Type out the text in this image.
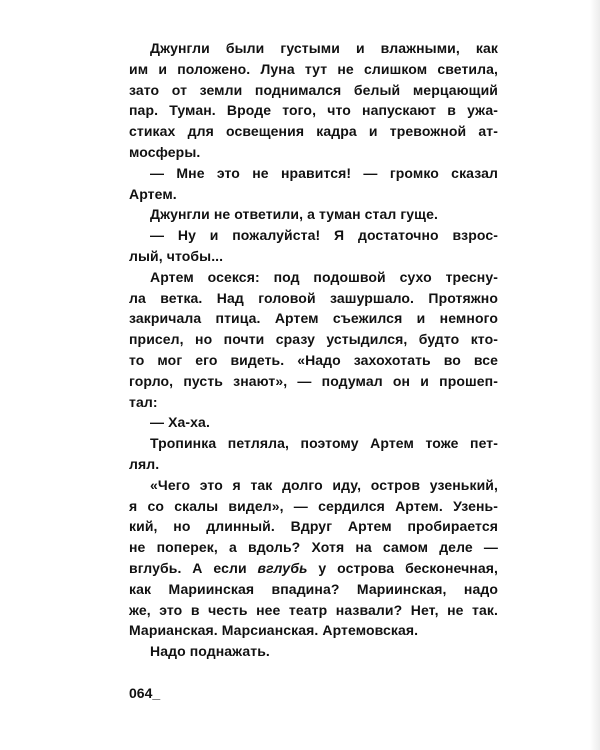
Джунгли были густыми и влажными, как
им и положено. Луна тут не слишком светила,
зато от земли поднимался белый мерцающий
пар. Туман. Вроде того, что напускают в ужа-
стиках для освещения кадра и тревожной ат-
мосферы.
— Мне это не нравится! — громко сказал
Артем.
Джунгли не ответили, а туман стал гуще.
— Ну и пожалуйста! Я достаточно взрос-
лый, чтобы...
Артем осекся: под подошвой сухо тресну-
ла ветка. Над головой зашуршало. Протяжно
закричала птица. Артем съежился и немного
присел, но почти сразу устыдился, будто кто-
то мог его видеть. «Надо захохотать во все
горло, пусть знают», — подумал он и прошеп-
тал:
— Ха-ха.
Тропинка петляла, поэтому Артем тоже пет-
лял.
«Чего это я так долго иду, остров узенький,
я со скалы видел», — сердился Артем. Узень-
кий, но длинный. Вдруг Артем пробирается
не поперек, а вдоль? Хотя на самом деле —
вглубь. А если вглубь у острова бесконечная,
как Мариинская впадина? Мариинская, надо
же, это в честь нее театр назвали? Нет, не так.
Марианская. Марсианская. Артемовская.
Надо поднажать.
064_
